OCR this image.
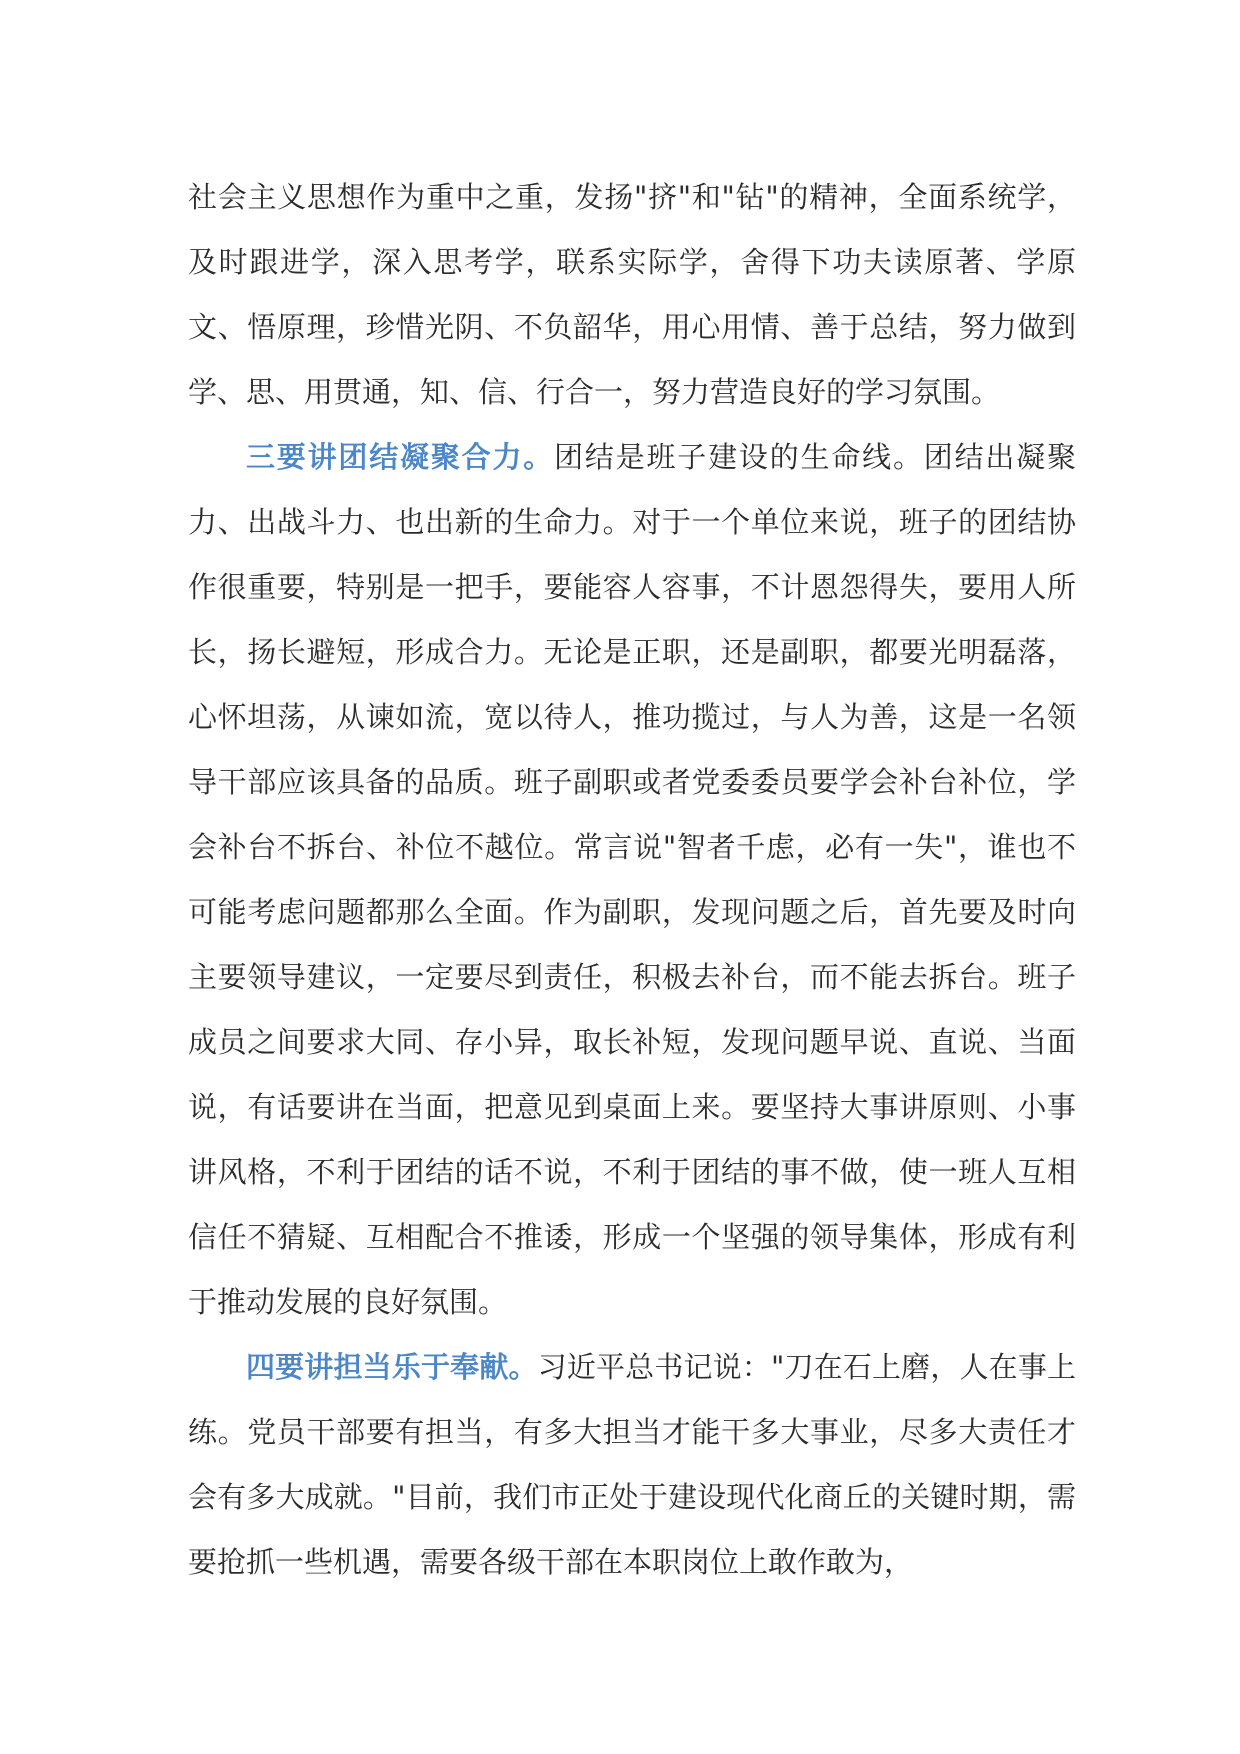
社会主义思想作为重中之重，发扬"挤"和"钻"的精神，全面系统学，及时跟进学，深入思考学，联系实际学，舍得下功夫读原著、学原文、悟原理，珍惜光阴、不负韶华，用心用情、善于总结，努力做到学、思、用贯通，知、信、行合一，努力营造良好的学习氛围。

三要讲团结凝聚合力。团结是班子建设的生命线。团结出凝聚力、出战斗力、也出新的生命力。对于一个单位来说，班子的团结协作很重要，特别是一把手，要能容人容事，不计恩怨得失，要用人所长，扬长避短，形成合力。无论是正职，还是副职，都要光明磊落，心怀坦荡，从谏如流，宽以待人，推功揽过，与人为善，这是一名领导干部应该具备的品质。班子副职或者党委委员要学会补台补位，学会补台不拆台、补位不越位。常言说"智者千虑，必有一失"，谁也不可能考虑问题都那么全面。作为副职，发现问题之后，首先要及时向主要领导建议，一定要尽到责任，积极去补台，而不能去拆台。班子成员之间要求大同、存小异，取长补短，发现问题早说、直说、当面说，有话要讲在当面，把意见到桌面上来。要坚持大事讲原则、小事讲风格，不利于团结的话不说，不利于团结的事不做，使一班人互相信任不猜疑、互相配合不推诿，形成一个坚强的领导集体，形成有利于推动发展的良好氛围。

四要讲担当乐于奉献。习近平总书记说："刀在石上磨，人在事上练。党员干部要有担当，有多大担当才能干多大事业，尽多大责任才会有多大成就。"目前，我们市正处于建设现代化商丘的关键时期，需要抢抓一些机遇，需要各级干部在本职岗位上敢作敢为，
